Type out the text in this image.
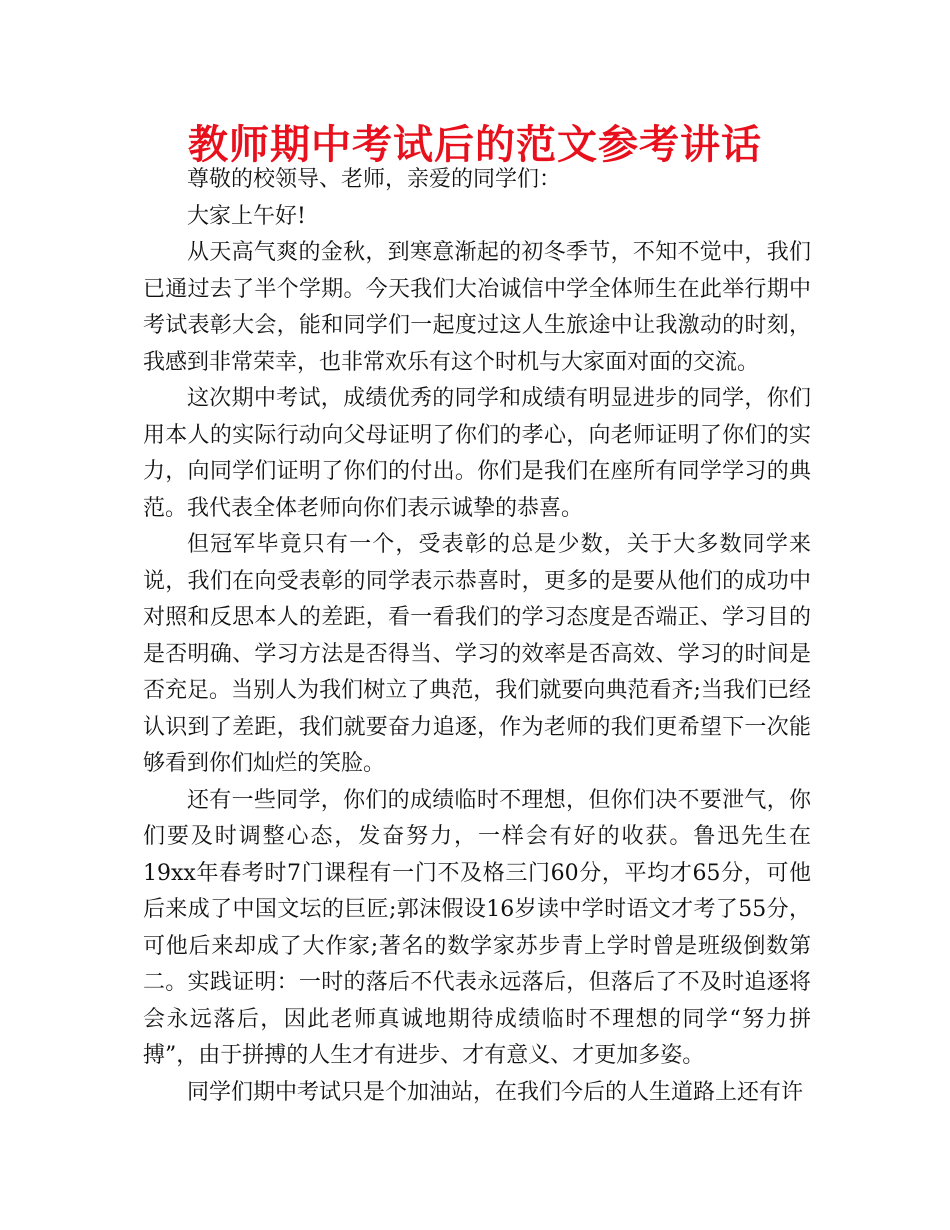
教师期中考试后的范文参考讲话

尊敬的校领导、老师，亲爱的同学们：

大家上午好!

从天高气爽的金秋，到寒意渐起的初冬季节，不知不觉中，我们已通过去了半个学期。今天我们大冶诚信中学全体师生在此举行期中考试表彰大会，能和同学们一起度过这人生旅途中让我激动的时刻，我感到非常荣幸，也非常欢乐有这个时机与大家面对面的交流。

这次期中考试，成绩优秀的同学和成绩有明显进步的同学，你们用本人的实际行动向父母证明了你们的孝心，向老师证明了你们的实力，向同学们证明了你们的付出。你们是我们在座所有同学学习的典范。我代表全体老师向你们表示诚挚的恭喜。

但冠军毕竟只有一个，受表彰的总是少数，关于大多数同学来说，我们在向受表彰的同学表示恭喜时，更多的是要从他们的成功中对照和反思本人的差距，看一看我们的学习态度是否端正、学习目的是否明确、学习方法是否得当、学习的效率是否高效、学习的时间是否充足。当别人为我们树立了典范，我们就要向典范看齐;当我们已经认识到了差距，我们就要奋力追逐，作为老师的我们更希望下一次能够看到你们灿烂的笑脸。

还有一些同学，你们的成绩临时不理想，但你们决不要泄气，你们要及时调整心态，发奋努力，一样会有好的收获。鲁迅先生在19xx年春考时7门课程有一门不及格三门60分，平均才65分，可他后来成了中国文坛的巨匠;郭沫假设16岁读中学时语文才考了55分，可他后来却成了大作家;著名的数学家苏步青上学时曾是班级倒数第二。实践证明：一时的落后不代表永远落后，但落后了不及时追逐将会永远落后，因此老师真诚地期待成绩临时不理想的同学“努力拼搏”，由于拼搏的人生才有进步、才有意义、才更加多姿。

同学们期中考试只是个加油站，在我们今后的人生道路上还有许
